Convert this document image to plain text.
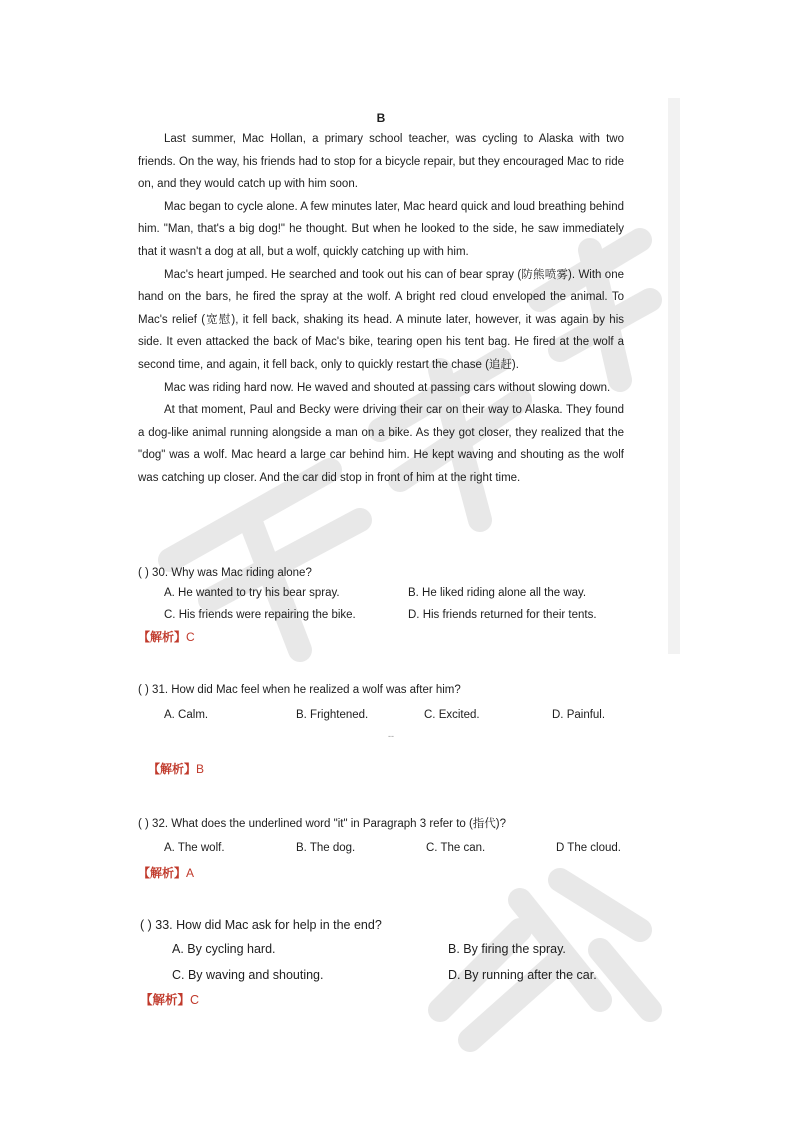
B

Last summer, Mac Hollan, a primary school teacher, was cycling to Alaska with two friends. On the way, his friends had to stop for a bicycle repair, but they encouraged Mac to ride on, and they would catch up with him soon.

Mac began to cycle alone. A few minutes later, Mac heard quick and loud breathing behind him. "Man, that's a big dog!" he thought. But when he looked to the side, he saw immediately that it wasn't a dog at all, but a wolf, quickly catching up with him.

Mac's heart jumped. He searched and took out his can of bear spray (防熊喷雾). With one hand on the bars, he fired the spray at the wolf. A bright red cloud enveloped the animal. To Mac's relief (宽慰), it fell back, shaking its head. A minute later, however, it was again by his side. It even attacked the back of Mac's bike, tearing open his tent bag. He fired at the wolf a second time, and again, it fell back, only to quickly restart the chase (追赶).

Mac was riding hard now. He waved and shouted at passing cars without slowing down.

At that moment, Paul and Becky were driving their car on their way to Alaska. They found a dog-like animal running alongside a man on a bike. As they got closer, they realized that the "dog" was a wolf. Mac heard a large car behind him. He kept waving and shouting as the wolf was catching up closer. And the car did stop in front of him at the right time.

( ) 30. Why was Mac riding alone?
A. He wanted to try his bear spray.	B. He liked riding alone all the way.
C. His friends were repairing the bike.	D. His friends returned for their tents.
【解析】C
( ) 31. How did Mac feel when he realized a wolf was after him?
A. Calm.	B. Frightened.	C. Excited.	D. Painful.
--
【解析】B
( ) 32. What does the underlined word "it" in Paragraph 3 refer to (指代)?
A. The wolf.	B. The dog.	C. The can.	D The cloud.
【解析】A
( ) 33. How did Mac ask for help in the end?
A. By cycling hard.	B. By firing the spray.
C. By waving and shouting.	D. By running after the car.
【解析】C
